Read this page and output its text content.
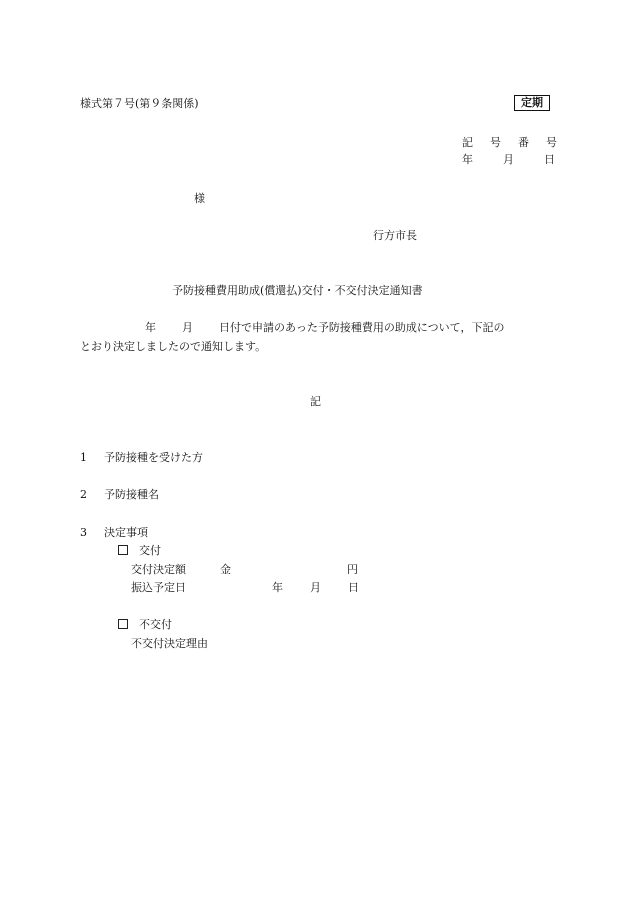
様式第７号(第９条関係)	定期
記 号 番 号
年	月	日
様
行方市長
予防接種費用助成(償還払)交付・不交付決定通知書
年 月 日付で申請のあった予防接種費用の助成について，下記の
とおり決定しましたので通知します。
記
1 予防接種を受けた方
2 予防接種名
3 決定事項
交付
交付決定額	金	円
振込予定日	年 月 日
不交付
不交付決定理由
